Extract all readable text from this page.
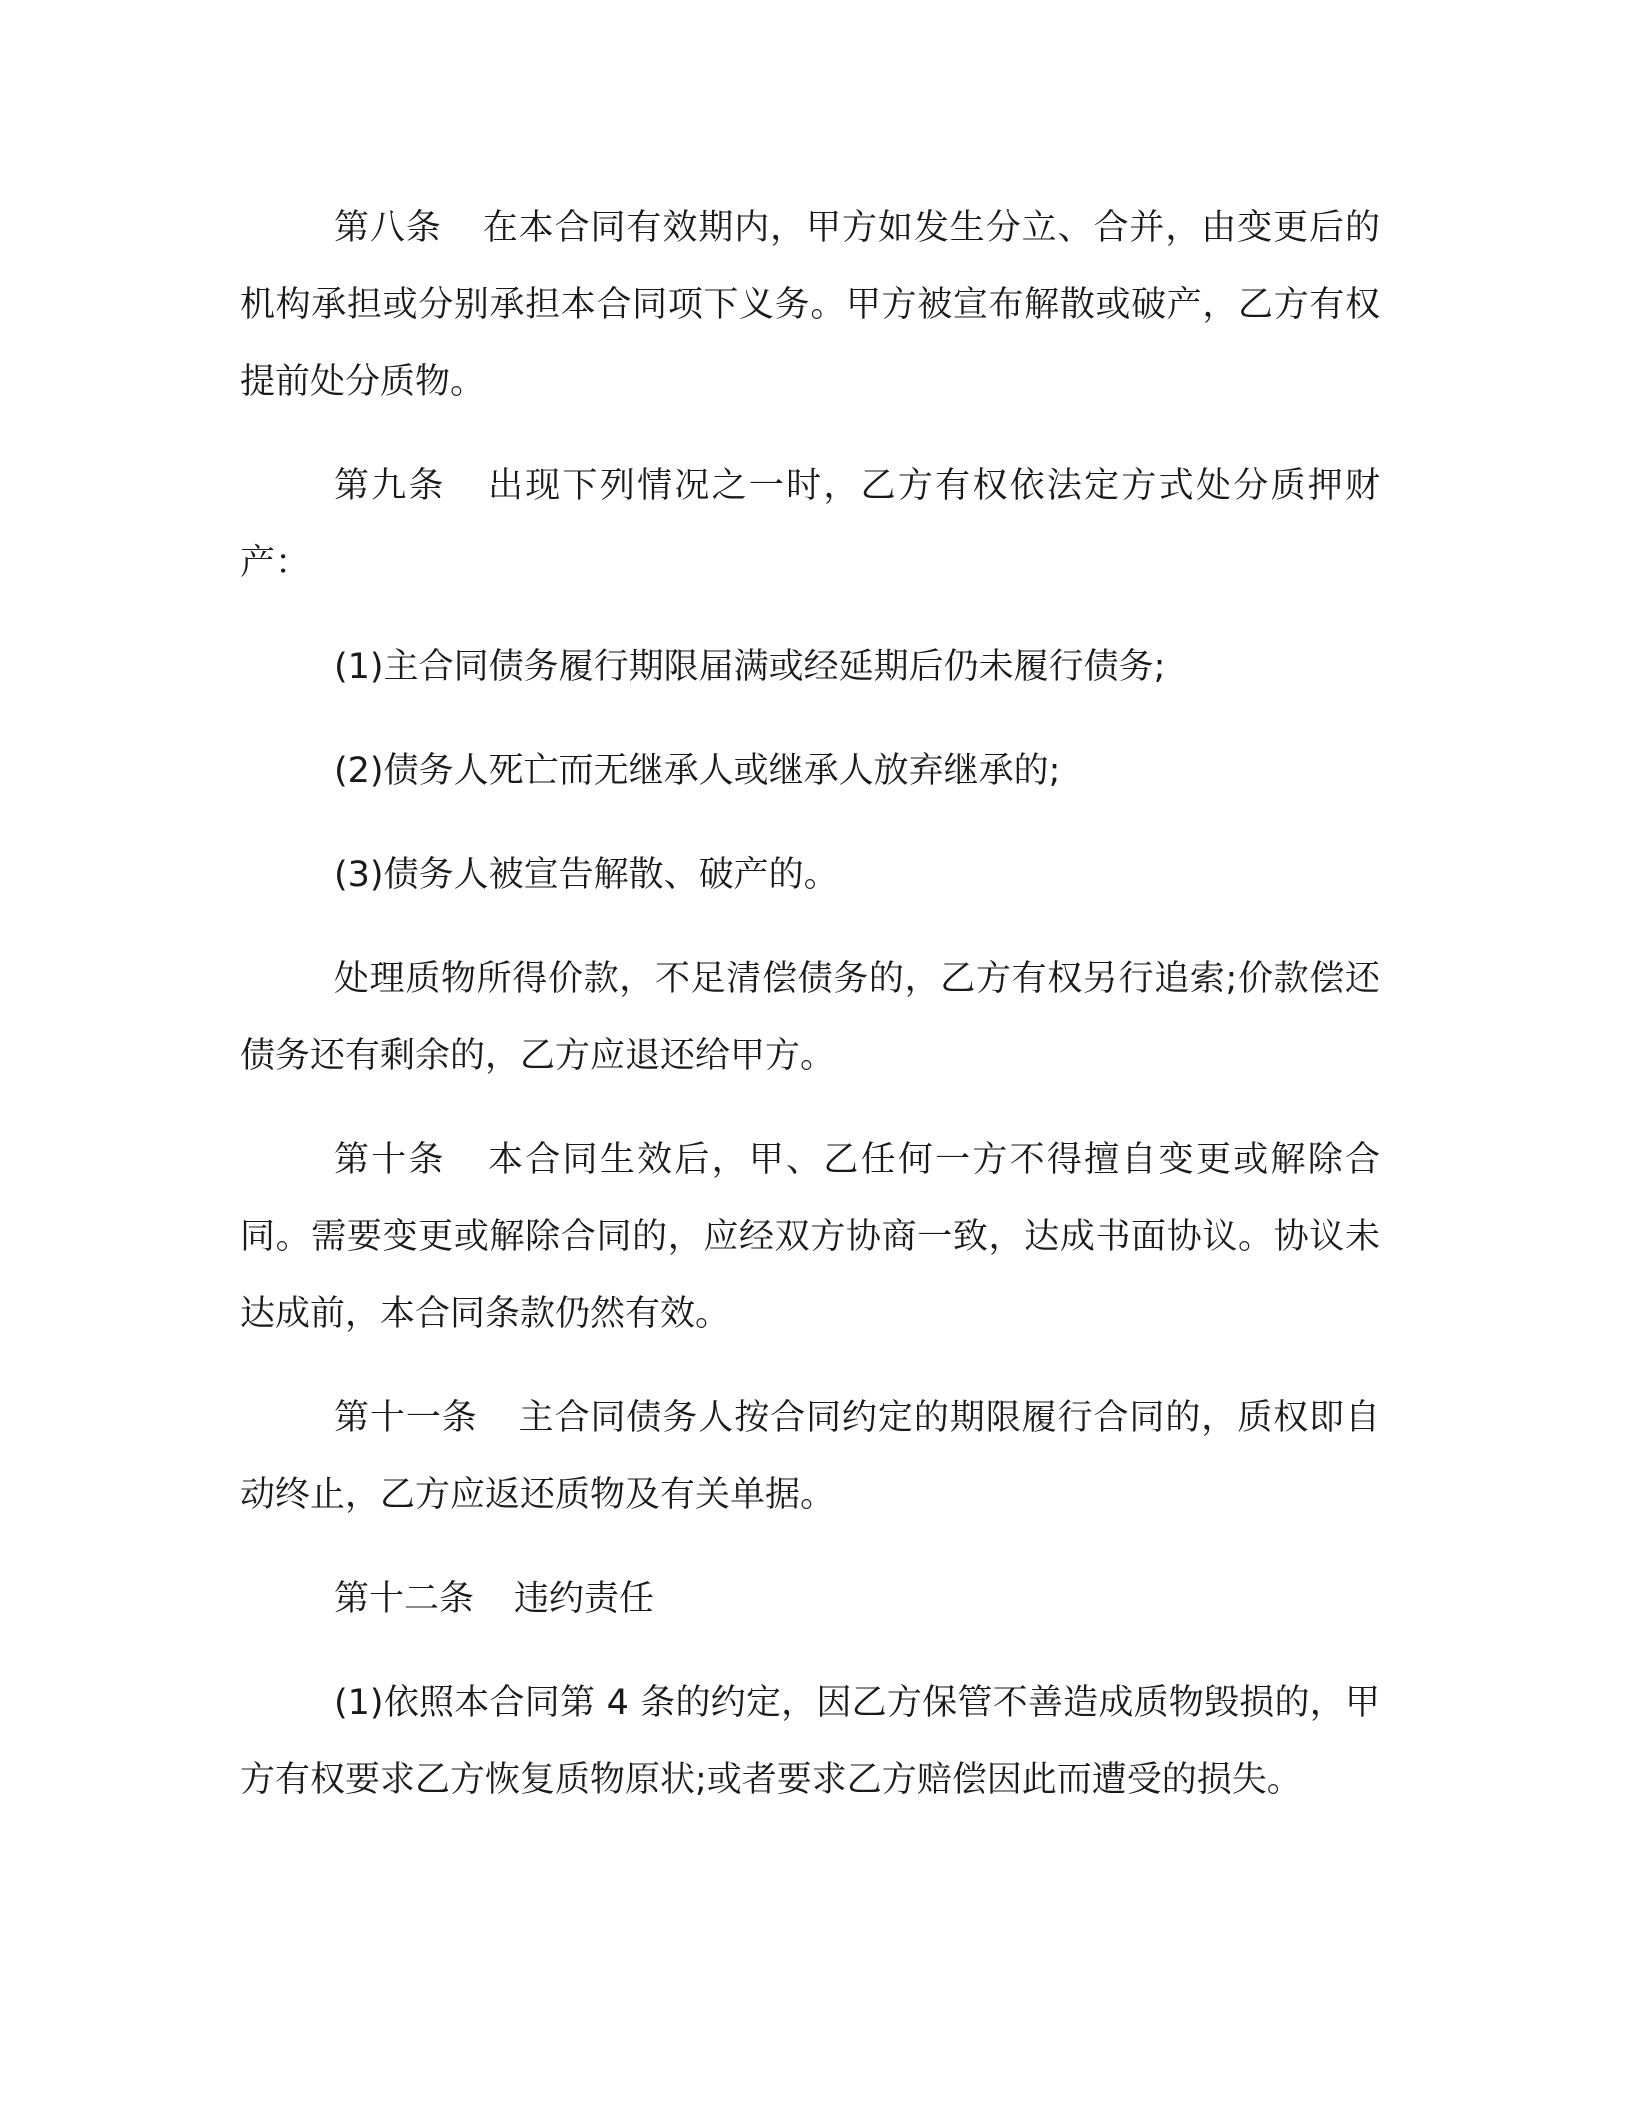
第八条 在本合同有效期内，甲方如发生分立、合并，由变更后的机构承担或分别承担本合同项下义务。甲方被宣布解散或破产，乙方有权提前处分质物。

第九条 出现下列情况之一时，乙方有权依法定方式处分质押财产：

(1)主合同债务履行期限届满或经延期后仍未履行债务;

(2)债务人死亡而无继承人或继承人放弃继承的;

(3)债务人被宣告解散、破产的。

处理质物所得价款，不足清偿债务的，乙方有权另行追索;价款偿还债务还有剩余的，乙方应退还给甲方。

第十条 本合同生效后，甲、乙任何一方不得擅自变更或解除合同。需要变更或解除合同的，应经双方协商一致，达成书面协议。协议未达成前，本合同条款仍然有效。

第十一条 主合同债务人按合同约定的期限履行合同的，质权即自动终止，乙方应返还质物及有关单据。

第十二条 违约责任

(1)依照本合同第 4 条的约定，因乙方保管不善造成质物毁损的，甲方有权要求乙方恢复质物原状;或者要求乙方赔偿因此而遭受的损失。
